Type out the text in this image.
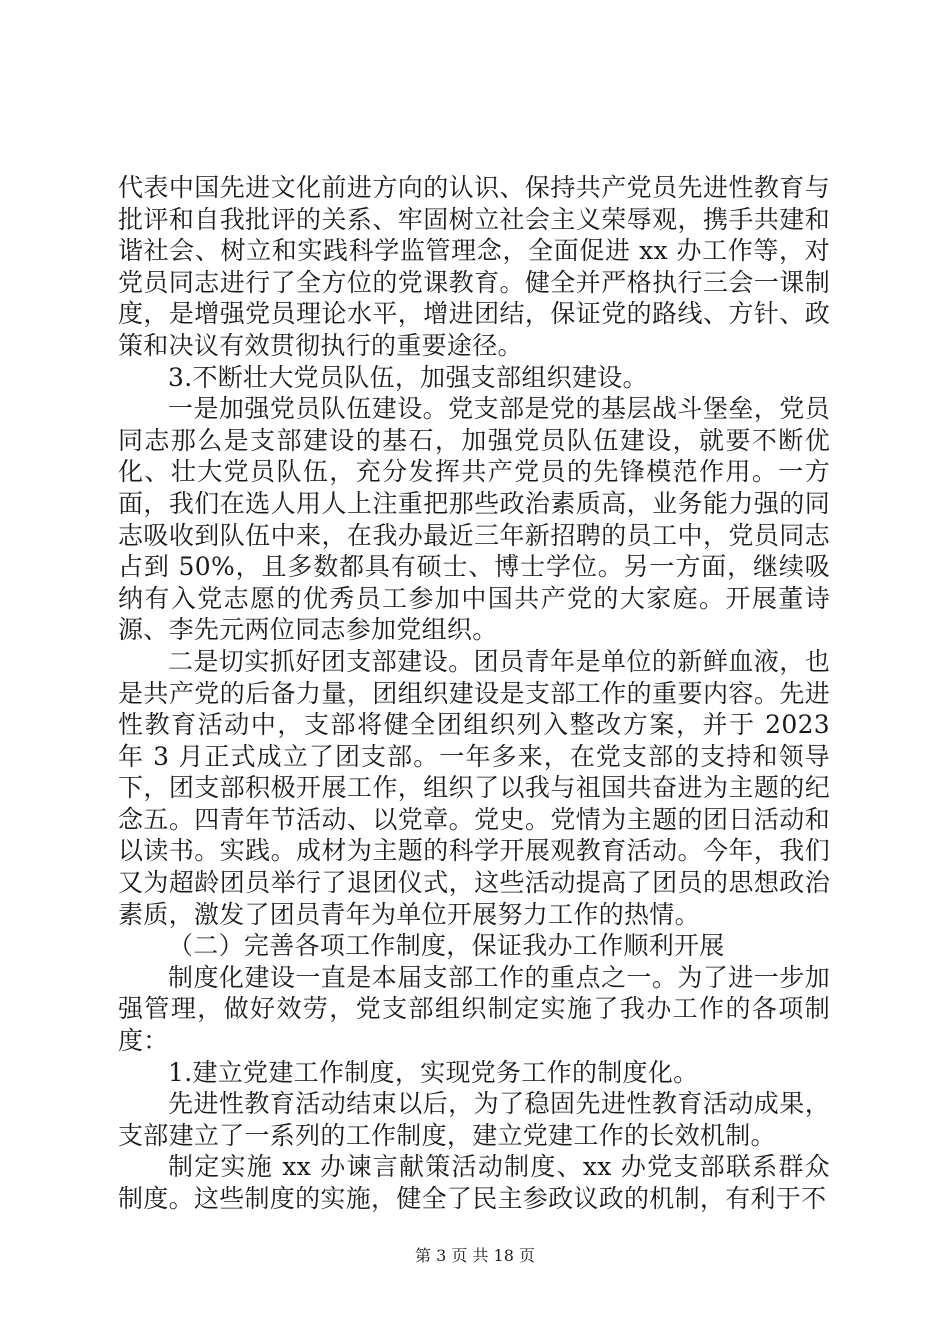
代表中国先进文化前进方向的认识、保持共产党员先进性教育与批评和自我批评的关系、牢固树立社会主义荣辱观，携手共建和谐社会、树立和实践科学监管理念，全面促进 xx 办工作等，对党员同志进行了全方位的党课教育。健全并严格执行三会一课制度，是增强党员理论水平，增进团结，保证党的路线、方针、政策和决议有效贯彻执行的重要途径。

3.不断壮大党员队伍，加强支部组织建设。

一是加强党员队伍建设。党支部是党的基层战斗堡垒，党员同志那么是支部建设的基石，加强党员队伍建设，就要不断优化、壮大党员队伍，充分发挥共产党员的先锋模范作用。一方面，我们在选人用人上注重把那些政治素质高，业务能力强的同志吸收到队伍中来，在我办最近三年新招聘的员工中，党员同志占到 50%，且多数都具有硕士、博士学位。另一方面，继续吸纳有入党志愿的优秀员工参加中国共产党的大家庭。开展董诗源、李先元两位同志参加党组织。

二是切实抓好团支部建设。团员青年是单位的新鲜血液，也是共产党的后备力量，团组织建设是支部工作的重要内容。先进性教育活动中，支部将健全团组织列入整改方案，并于 2023 年 3 月正式成立了团支部。一年多来，在党支部的支持和领导下，团支部积极开展工作，组织了以我与祖国共奋进为主题的纪念五。四青年节活动、以党章。党史。党情为主题的团日活动和以读书。实践。成材为主题的科学开展观教育活动。今年，我们又为超龄团员举行了退团仪式，这些活动提高了团员的思想政治素质，激发了团员青年为单位开展努力工作的热情。

（二）完善各项工作制度，保证我办工作顺利开展

制度化建设一直是本届支部工作的重点之一。为了进一步加强管理，做好效劳，党支部组织制定实施了我办工作的各项制度：

1.建立党建工作制度，实现党务工作的制度化。

先进性教育活动结束以后，为了稳固先进性教育活动成果，支部建立了一系列的工作制度，建立党建工作的长效机制。

制定实施 xx 办谏言献策活动制度、xx 办党支部联系群众制度。这些制度的实施，健全了民主参政议政的机制，有利于不

第 3 页 共 18 页
